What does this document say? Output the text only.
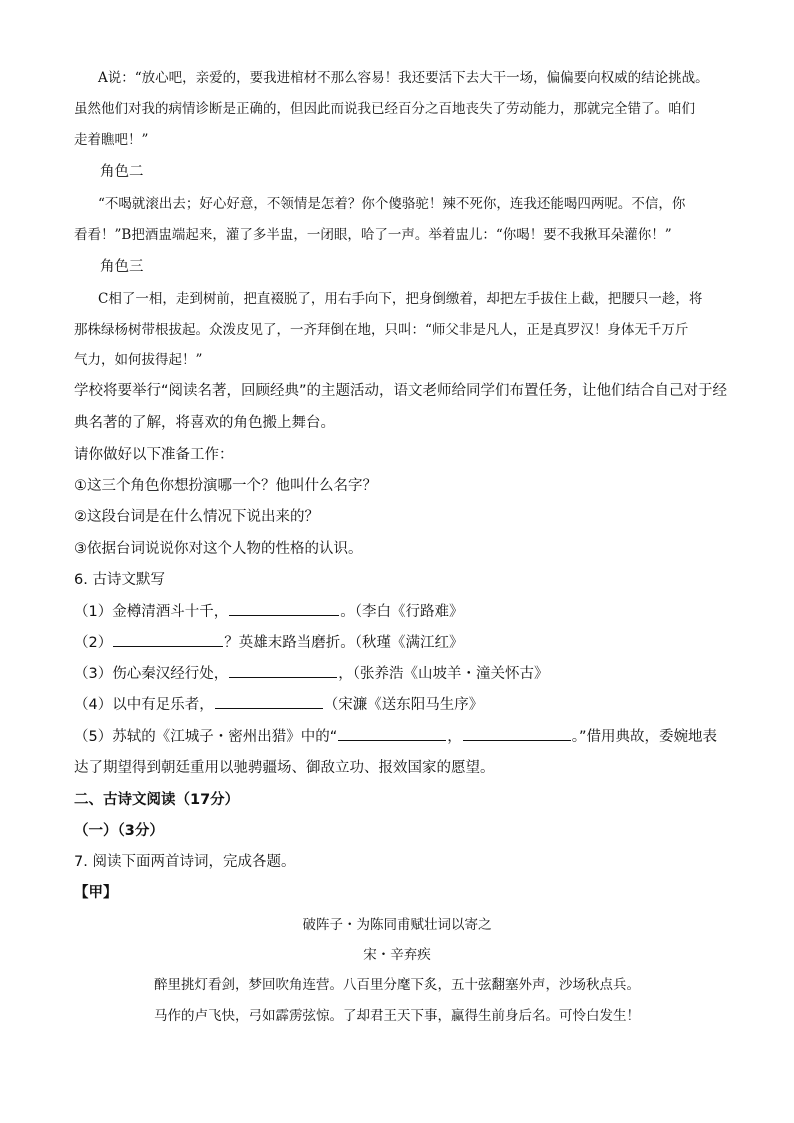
A说：“放心吧，亲爱的，要我进棺材不那么容易！我还要活下去大干一场，偏偏要向权威的结论挑战。
虽然他们对我的病情诊断是正确的，但因此而说我已经百分之百地丧失了劳动能力，那就完全错了。咱们
走着瞧吧！”
角色二
“不喝就滚出去；好心好意，不领情是怎着？你个傻骆驼！辣不死你，连我还能喝四两呢。不信，你
看看！”B把酒盅端起来，灌了多半盅，一闭眼，哈了一声。举着盅儿：“你喝！要不我揪耳朵灌你！”
角色三
C相了一相，走到树前，把直裰脱了，用右手向下，把身倒缴着，却把左手拔住上截，把腰只一趁，将
那株绿杨树带根拔起。众泼皮见了，一齐拜倒在地，只叫：“师父非是凡人，正是真罗汉！身体无千万斤
气力，如何拔得起！”
学校将要举行“阅读名著，回顾经典”的主题活动，语文老师给同学们布置任务，让他们结合自己对于经
典名著的了解，将喜欢的角色搬上舞台。
请你做好以下准备工作：
①这三个角色你想扮演哪一个？他叫什么名字？
②这段台词是在什么情况下说出来的？
③依据台词说说你对这个人物的性格的认识。
6. 古诗文默写
（1）金樽清酒斗十千，	。（李白《行路难》
（2）	？英雄末路当磨折。（秋瑾《满江红》
（3）伤心秦汉经行处，	，（张养浩《山坡羊・潼关怀古》
（4）以中有足乐者，	（宋濂《送东阳马生序》
（5）苏轼的《江城子・密州出猎》中的“	，	。”借用典故，委婉地表
达了期望得到朝廷重用以驰骋疆场、御敌立功、报效国家的愿望。
二、古诗文阅读（17分）
（一）（3分）
7. 阅读下面两首诗词，完成各题。
【甲】
破阵子・为陈同甫赋壮词以寄之
宋・辛弃疾
醉里挑灯看剑，梦回吹角连营。八百里分麾下炙，五十弦翻塞外声，沙场秋点兵。
马作的卢飞快，弓如霹雳弦惊。了却君王天下事，赢得生前身后名。可怜白发生！
